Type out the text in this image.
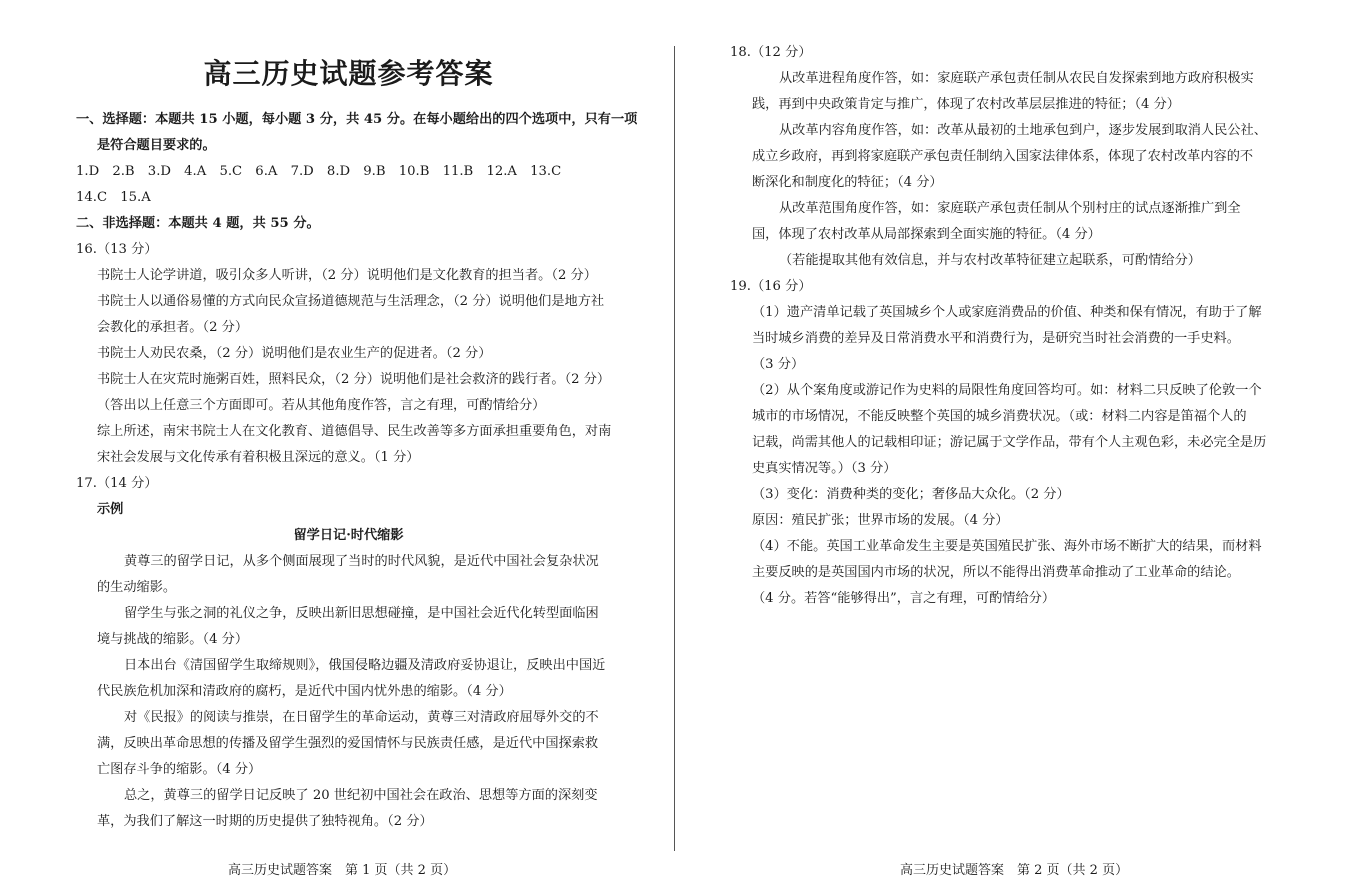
高三历史试题参考答案
一、选择题：本题共 15 小题，每小题 3 分，共 45 分。在每小题给出的四个选项中，只有一项
是符合题目要求的。
1.D　2.B　3.D　4.A　5.C　6.A　7.D　8.D　9.B　10.B　11.B　12.A　13.C
14.C　15.A
二、非选择题：本题共 4 题，共 55 分。
16.（13 分）
书院士人论学讲道，吸引众多人听讲，（2 分）说明他们是文化教育的担当者。（2 分）
书院士人以通俗易懂的方式向民众宣扬道德规范与生活理念，（2 分）说明他们是地方社
会教化的承担者。（2 分）
书院士人劝民农桑，（2 分）说明他们是农业生产的促进者。（2 分）
书院士人在灾荒时施粥百姓，照料民众，（2 分）说明他们是社会救济的践行者。（2 分）
（答出以上任意三个方面即可。若从其他角度作答，言之有理，可酌情给分）
综上所述，南宋书院士人在文化教育、道德倡导、民生改善等多方面承担重要角色，对南
宋社会发展与文化传承有着积极且深远的意义。（1 分）
17.（14 分）
示例
留学日记·时代缩影
黄尊三的留学日记，从多个侧面展现了当时的时代风貌，是近代中国社会复杂状况
的生动缩影。
留学生与张之洞的礼仪之争，反映出新旧思想碰撞，是中国社会近代化转型面临困
境与挑战的缩影。（4 分）
日本出台《清国留学生取缔规则》，俄国侵略边疆及清政府妥协退让，反映出中国近
代民族危机加深和清政府的腐朽，是近代中国内忧外患的缩影。（4 分）
对《民报》的阅读与推崇，在日留学生的革命运动，黄尊三对清政府屈辱外交的不
满，反映出革命思想的传播及留学生强烈的爱国情怀与民族责任感，是近代中国探索救
亡图存斗争的缩影。（4 分）
总之，黄尊三的留学日记反映了 20 世纪初中国社会在政治、思想等方面的深刻变
革，为我们了解这一时期的历史提供了独特视角。（2 分）
18.（12 分）
从改革进程角度作答，如：家庭联产承包责任制从农民自发探索到地方政府积极实
践，再到中央政策肯定与推广，体现了农村改革层层推进的特征；（4 分）
从改革内容角度作答，如：改革从最初的土地承包到户，逐步发展到取消人民公社、
成立乡政府，再到将家庭联产承包责任制纳入国家法律体系，体现了农村改革内容的不
断深化和制度化的特征；（4 分）
从改革范围角度作答，如：家庭联产承包责任制从个别村庄的试点逐渐推广到全
国，体现了农村改革从局部探索到全面实施的特征。（4 分）
（若能提取其他有效信息，并与农村改革特征建立起联系，可酌情给分）
19.（16 分）
（1）遗产清单记载了英国城乡个人或家庭消费品的价值、种类和保有情况，有助于了解
当时城乡消费的差异及日常消费水平和消费行为，是研究当时社会消费的一手史料。
（3 分）
（2）从个案角度或游记作为史料的局限性角度回答均可。如：材料二只反映了伦敦一个
城市的市场情况，不能反映整个英国的城乡消费状况。（或：材料二内容是笛福个人的
记载，尚需其他人的记载相印证；游记属于文学作品，带有个人主观色彩，未必完全是历
史真实情况等。）（3 分）
（3）变化：消费种类的变化；奢侈品大众化。（2 分）
原因：殖民扩张；世界市场的发展。（4 分）
（4）不能。英国工业革命发生主要是英国殖民扩张、海外市场不断扩大的结果，而材料
主要反映的是英国国内市场的状况，所以不能得出消费革命推动了工业革命的结论。
（4 分。若答“能够得出”，言之有理，可酌情给分）
高三历史试题答案　第 1 页（共 2 页）	高三历史试题答案　第 2 页（共 2 页）
